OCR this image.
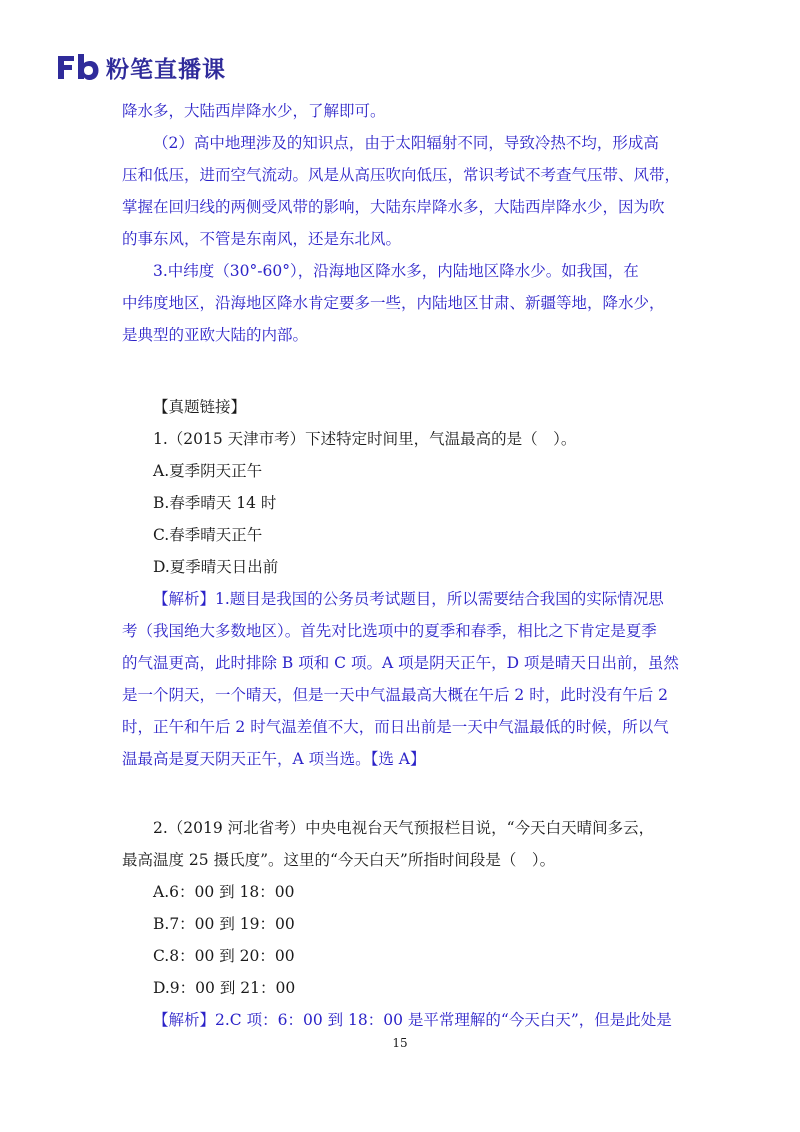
粉笔直播课
降水多，大陆西岸降水少，了解即可。
（2）高中地理涉及的知识点，由于太阳辐射不同，导致冷热不均，形成高
压和低压，进而空气流动。风是从高压吹向低压，常识考试不考查气压带、风带，
掌握在回归线的两侧受风带的影响，大陆东岸降水多，大陆西岸降水少，因为吹
的事东风，不管是东南风，还是东北风。
3.中纬度（30°-60°），沿海地区降水多，内陆地区降水少。如我国，在
中纬度地区，沿海地区降水肯定要多一些，内陆地区甘肃、新疆等地，降水少，
是典型的亚欧大陆的内部。
【真题链接】
1.（2015 天津市考）下述特定时间里，气温最高的是（　）。
A.夏季阴天正午
B.春季晴天 14 时
C.春季晴天正午
D.夏季晴天日出前
【解析】1.题目是我国的公务员考试题目，所以需要结合我国的实际情况思
考（我国绝大多数地区）。首先对比选项中的夏季和春季，相比之下肯定是夏季
的气温更高，此时排除 B 项和 C 项。A 项是阴天正午，D 项是晴天日出前，虽然
是一个阴天，一个晴天，但是一天中气温最高大概在午后 2 时，此时没有午后 2
时，正午和午后 2 时气温差值不大，而日出前是一天中气温最低的时候，所以气
温最高是夏天阴天正午，A 项当选。【选 A】
2.（2019 河北省考）中央电视台天气预报栏目说，“今天白天晴间多云，
最高温度 25 摄氏度”。这里的“今天白天”所指时间段是（　）。
A.6：00 到 18：00
B.7：00 到 19：00
C.8：00 到 20：00
D.9：00 到 21：00
【解析】2.C 项：6：00 到 18：00 是平常理解的“今天白天”，但是此处是
15
